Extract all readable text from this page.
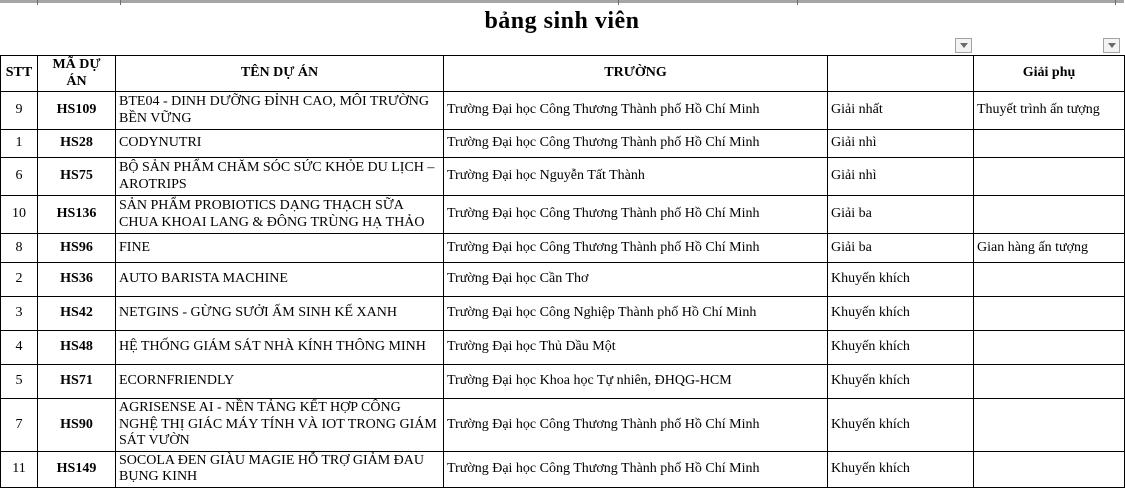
bảng sinh viên
STT	MÃ DỰ ÁN	TÊN DỰ ÁN	TRƯỜNG		Giải phụ
9	HS109	BTE04 - DINH DƯỠNG ĐỈNH CAO, MÔI TRƯỜNG BỀN VỮNG	Trường Đại học Công Thương Thành phố Hồ Chí Minh	Giải nhất	Thuyết trình ấn tượng
1	HS28	CODYNUTRI	Trường Đại học Công Thương Thành phố Hồ Chí Minh	Giải nhì	
6	HS75	BỘ SẢN PHẨM CHĂM SÓC SỨC KHỎE DU LỊCH – AROTRIPS	Trường Đại học Nguyễn Tất Thành	Giải nhì	
10	HS136	SẢN PHẨM PROBIOTICS DẠNG THẠCH SỮA CHUA KHOAI LANG & ĐÔNG TRÙNG HẠ THẢO	Trường Đại học Công Thương Thành phố Hồ Chí Minh	Giải ba	
8	HS96	FINE	Trường Đại học Công Thương Thành phố Hồ Chí Minh	Giải ba	Gian hàng ấn tượng
2	HS36	AUTO BARISTA MACHINE	Trường Đại học Cần Thơ	Khuyến khích	
3	HS42	NETGINS - GỪNG SƯỞI ẤM SINH KẾ XANH	Trường Đại học Công Nghiệp Thành phố Hồ Chí Minh	Khuyến khích	
4	HS48	HỆ THỐNG GIÁM SÁT NHÀ KÍNH THÔNG MINH	Trường Đại học Thủ Dầu Một	Khuyến khích	
5	HS71	ECORNFRIENDLY	Trường Đại học Khoa học Tự nhiên, ĐHQG-HCM	Khuyến khích	
7	HS90	AGRISENSE AI - NỀN TẢNG KẾT HỢP CÔNG NGHỆ THỊ GIÁC MÁY TÍNH VÀ IOT TRONG GIÁM SÁT VƯỜN	Trường Đại học Công Thương Thành phố Hồ Chí Minh	Khuyến khích	
11	HS149	SOCOLA ĐEN GIÀU MAGIE HỖ TRỢ GIẢM ĐAU BỤNG KINH	Trường Đại học Công Thương Thành phố Hồ Chí Minh	Khuyến khích	
